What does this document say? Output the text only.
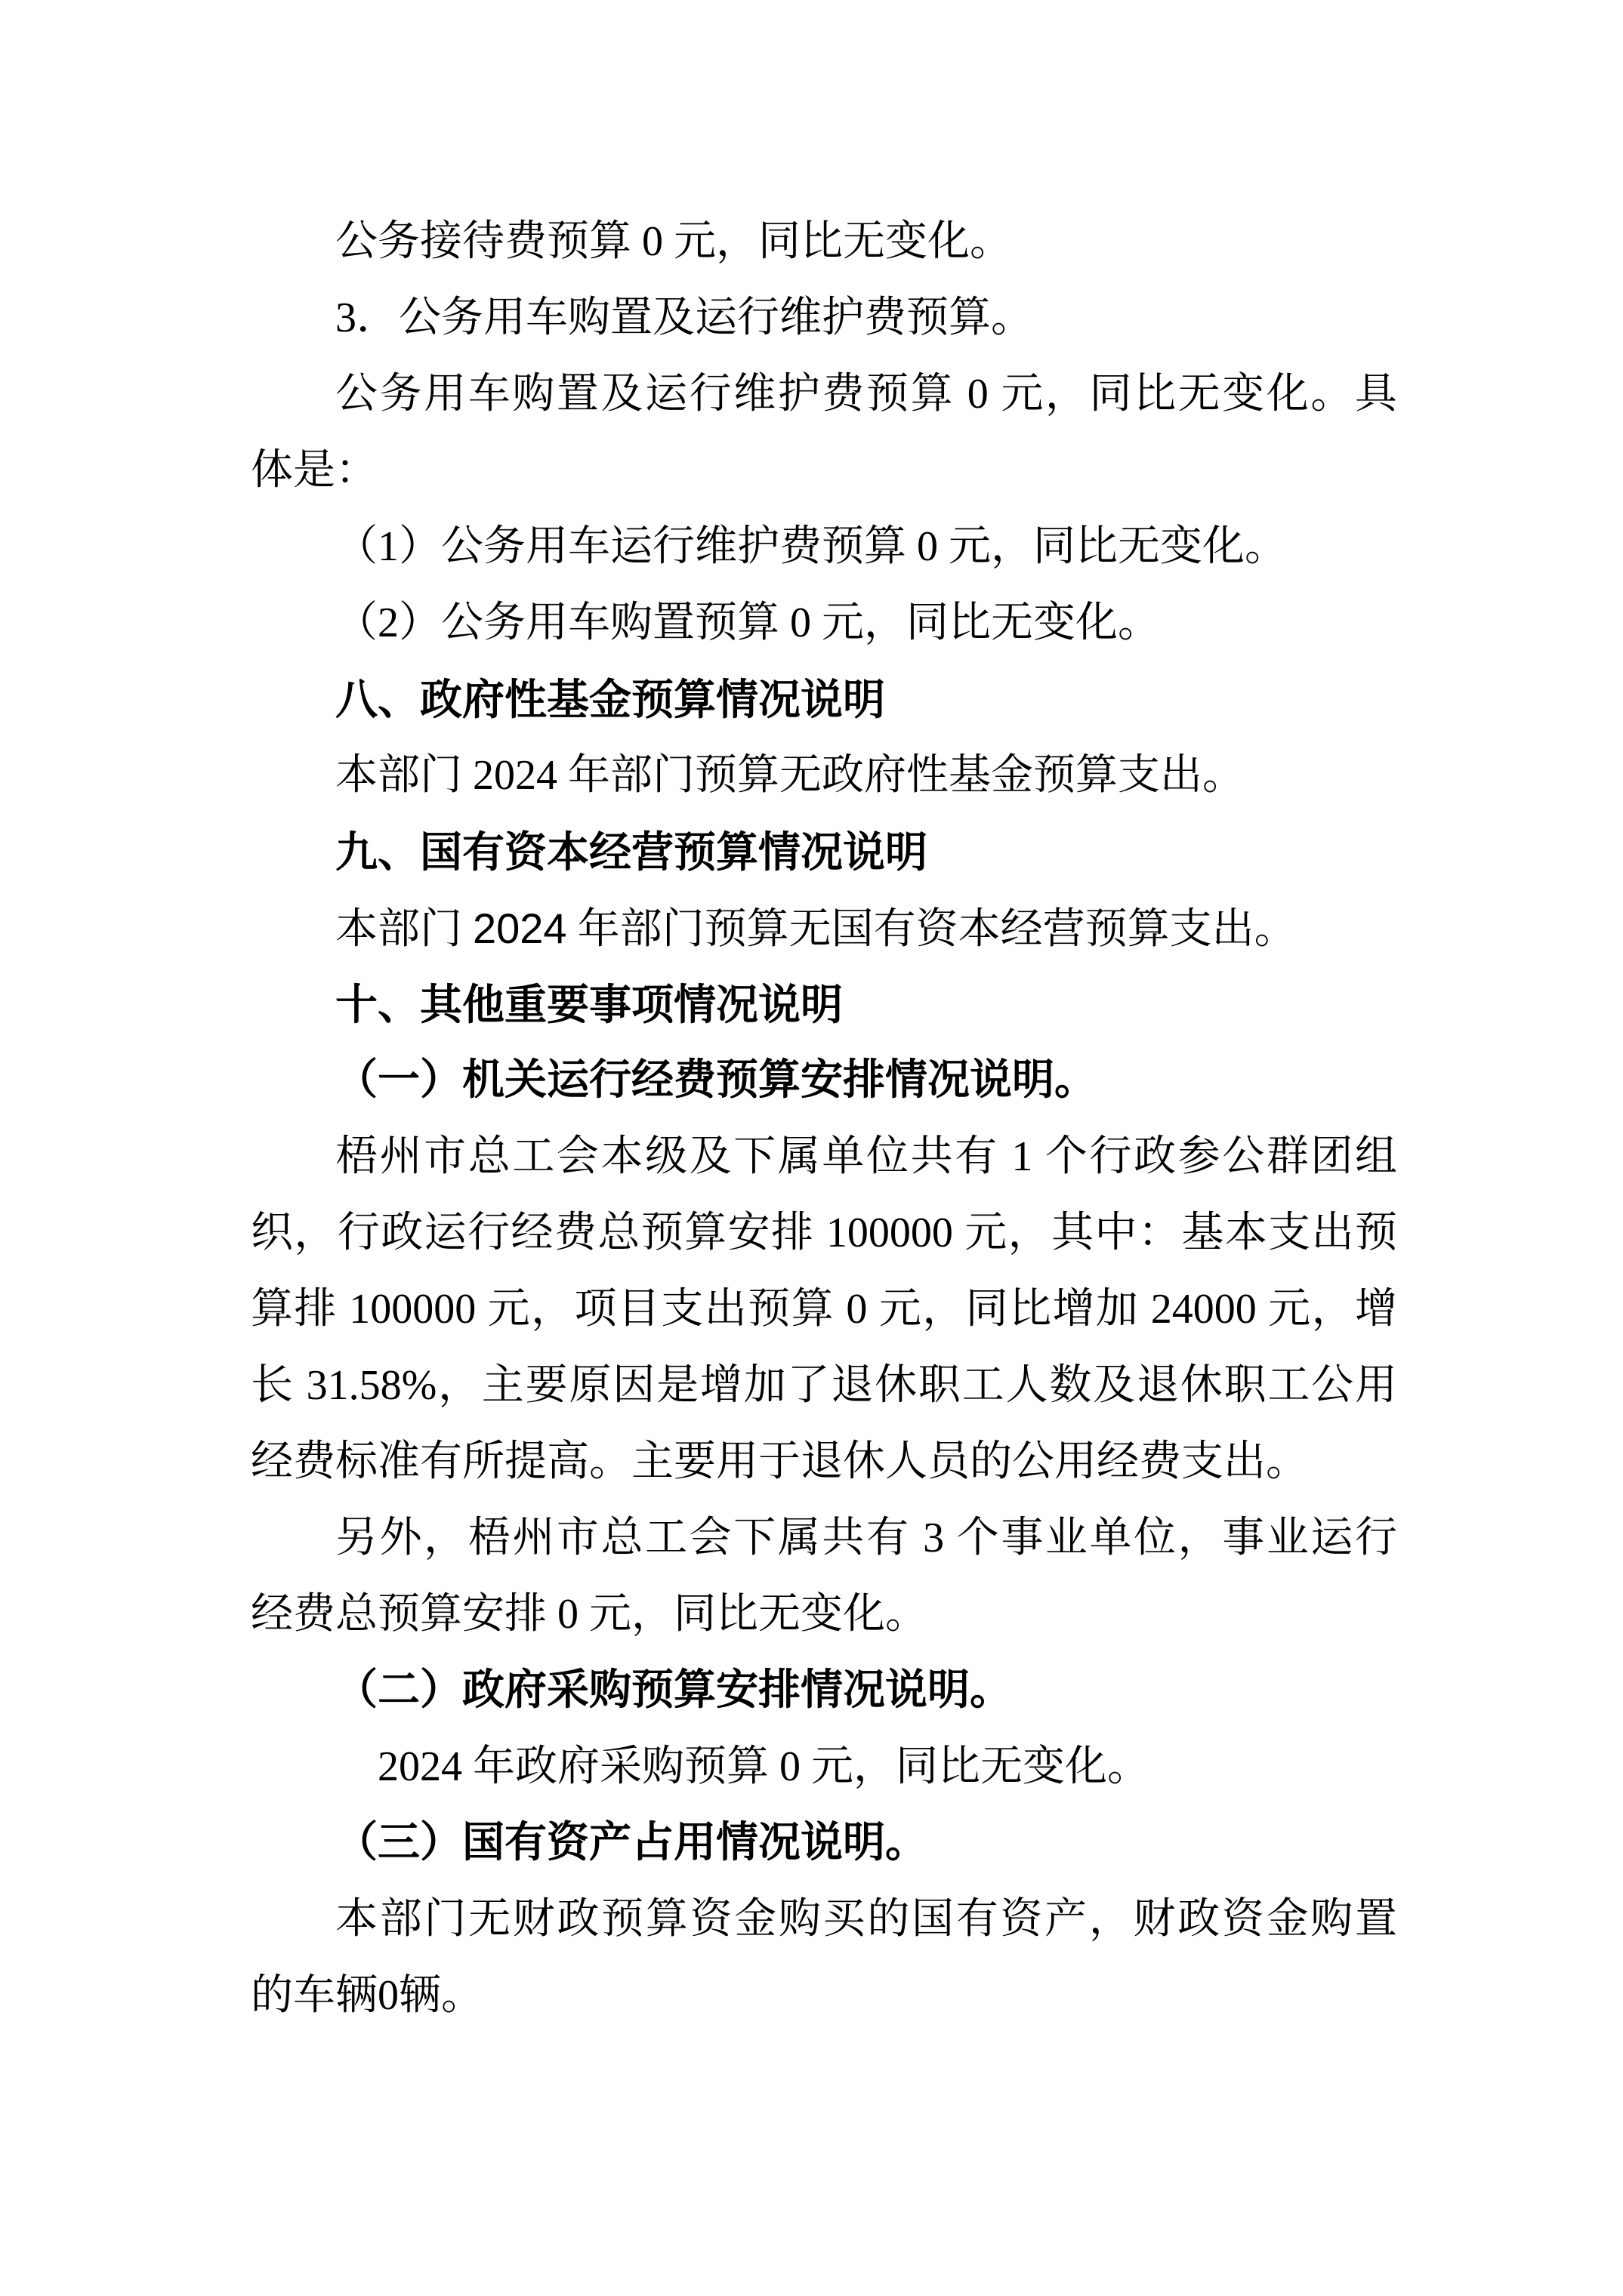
公务接待费预算 0 元，同比无变化。
3．公务用车购置及运行维护费预算。
公务用车购置及运行维护费预算 0 元，同比无变化。具
体是：
（1）公务用车运行维护费预算 0 元，同比无变化。
（2）公务用车购置预算 0 元，同比无变化。
八、政府性基金预算情况说明
本部门 2024 年部门预算无政府性基金预算支出。
九、国有资本经营预算情况说明
本部门 2024 年部门预算无国有资本经营预算支出。
十、其他重要事项情况说明
（一）机关运行经费预算安排情况说明。
梧州市总工会本级及下属单位共有 1 个行政参公群团组
织，行政运行经费总预算安排 100000 元，其中：基本支出预
算排 100000 元，项目支出预算 0 元，同比增加 24000 元，增
长 31.58%，主要原因是增加了退休职工人数及退休职工公用
经费标准有所提高。主要用于退休人员的公用经费支出。
另外，梧州市总工会下属共有 3 个事业单位，事业运行
经费总预算安排 0 元，同比无变化。
（二）政府采购预算安排情况说明。
2024 年政府采购预算 0 元，同比无变化。
（三）国有资产占用情况说明。
本部门无财政预算资金购买的国有资产，财政资金购置
的车辆0辆。
